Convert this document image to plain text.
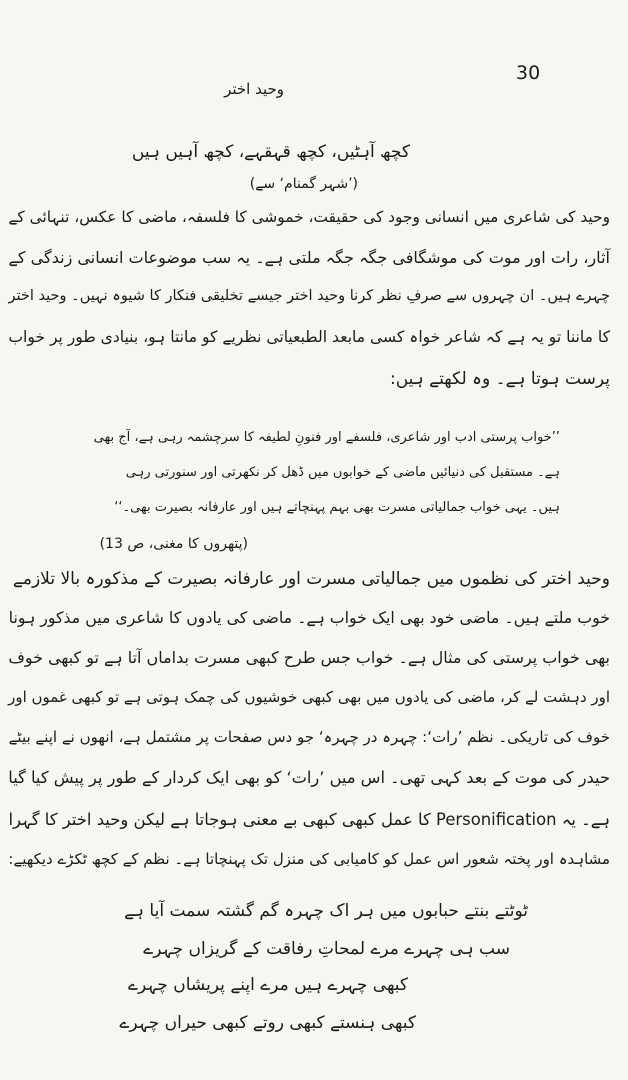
30
وحید اختر
کچھ آہٹیں، کچھ قہقہے، کچھ آہیں ہیں
(’شہر گمنام‘ سے)
وحید کی شاعری میں انسانی وجود کی حقیقت، خموشی کا فلسفہ، ماضی کا عکس، تنہائی کے
آثار، رات اور موت کی موشگافی جگہ جگہ ملتی ہے۔ یہ سب موضوعات انسانی زندگی کے
چہرے ہیں۔ ان چہروں سے صرفِ نظر کرنا وحید اختر جیسے تخلیقی فنکار کا شیوہ نہیں۔ وحید اختر
کا ماننا تو یہ ہے کہ شاعر خواہ کسی مابعد الطبعیاتی نظریے کو مانتا ہو، بنیادی طور پر خواب
پرست ہوتا ہے۔ وہ لکھتے ہیں:
’’خواب پرستی ادب اور شاعری، فلسفے اور فنونِ لطیفہ کا سرچشمہ رہی ہے، آج بھی
ہے۔ مستقبل کی دنیائیں ماضی کے خوابوں میں ڈھل کر نکھرتی اور سنورتی رہی
ہیں۔ یہی خواب جمالیاتی مسرت بھی بہم پہنچاتے ہیں اور عارفانہ بصیرت بھی۔‘‘
(پتھروں کا مغنی، ص 13)
وحید اختر کی نظموں میں جمالیاتی مسرت اور عارفانہ بصیرت کے مذکورہ بالا تلازمے
خوب ملتے ہیں۔ ماضی خود بھی ایک خواب ہے۔ ماضی کی یادوں کا شاعری میں مذکور ہونا
بھی خواب پرستی کی مثال ہے۔ خواب جس طرح کبھی مسرت بداماں آتا ہے تو کبھی خوف
اور دہشت لے کر، ماضی کی یادوں میں بھی کبھی خوشیوں کی چمک ہوتی ہے تو کبھی غموں اور
خوف کی تاریکی۔ نظم ’رات‘: چہرہ در چہرہ‘ جو دس صفحات پر مشتمل ہے، انھوں نے اپنے بیٹے
حیدر کی موت کے بعد کہی تھی۔ اس میں ’رات‘ کو بھی ایک کردار کے طور پر پیش کیا گیا
ہے۔ یہ Personification کا عمل کبھی کبھی بے معنی ہوجاتا ہے لیکن وحید اختر کا گہرا
مشاہدہ اور پختہ شعور اس عمل کو کامیابی کی منزل تک پہنچاتا ہے۔ نظم کے کچھ ٹکڑے دیکھیے:
ٹوٹتے بنتے حبابوں میں ہر اک چہرہ گم گشتہ سمت آیا ہے
سب ہی چہرے مرے لمحاتِ رفاقت کے گریزاں چہرے
کبھی چہرے ہیں مرے اپنے پریشاں چہرے
کبھی ہنستے کبھی روتے کبھی حیراں چہرے
